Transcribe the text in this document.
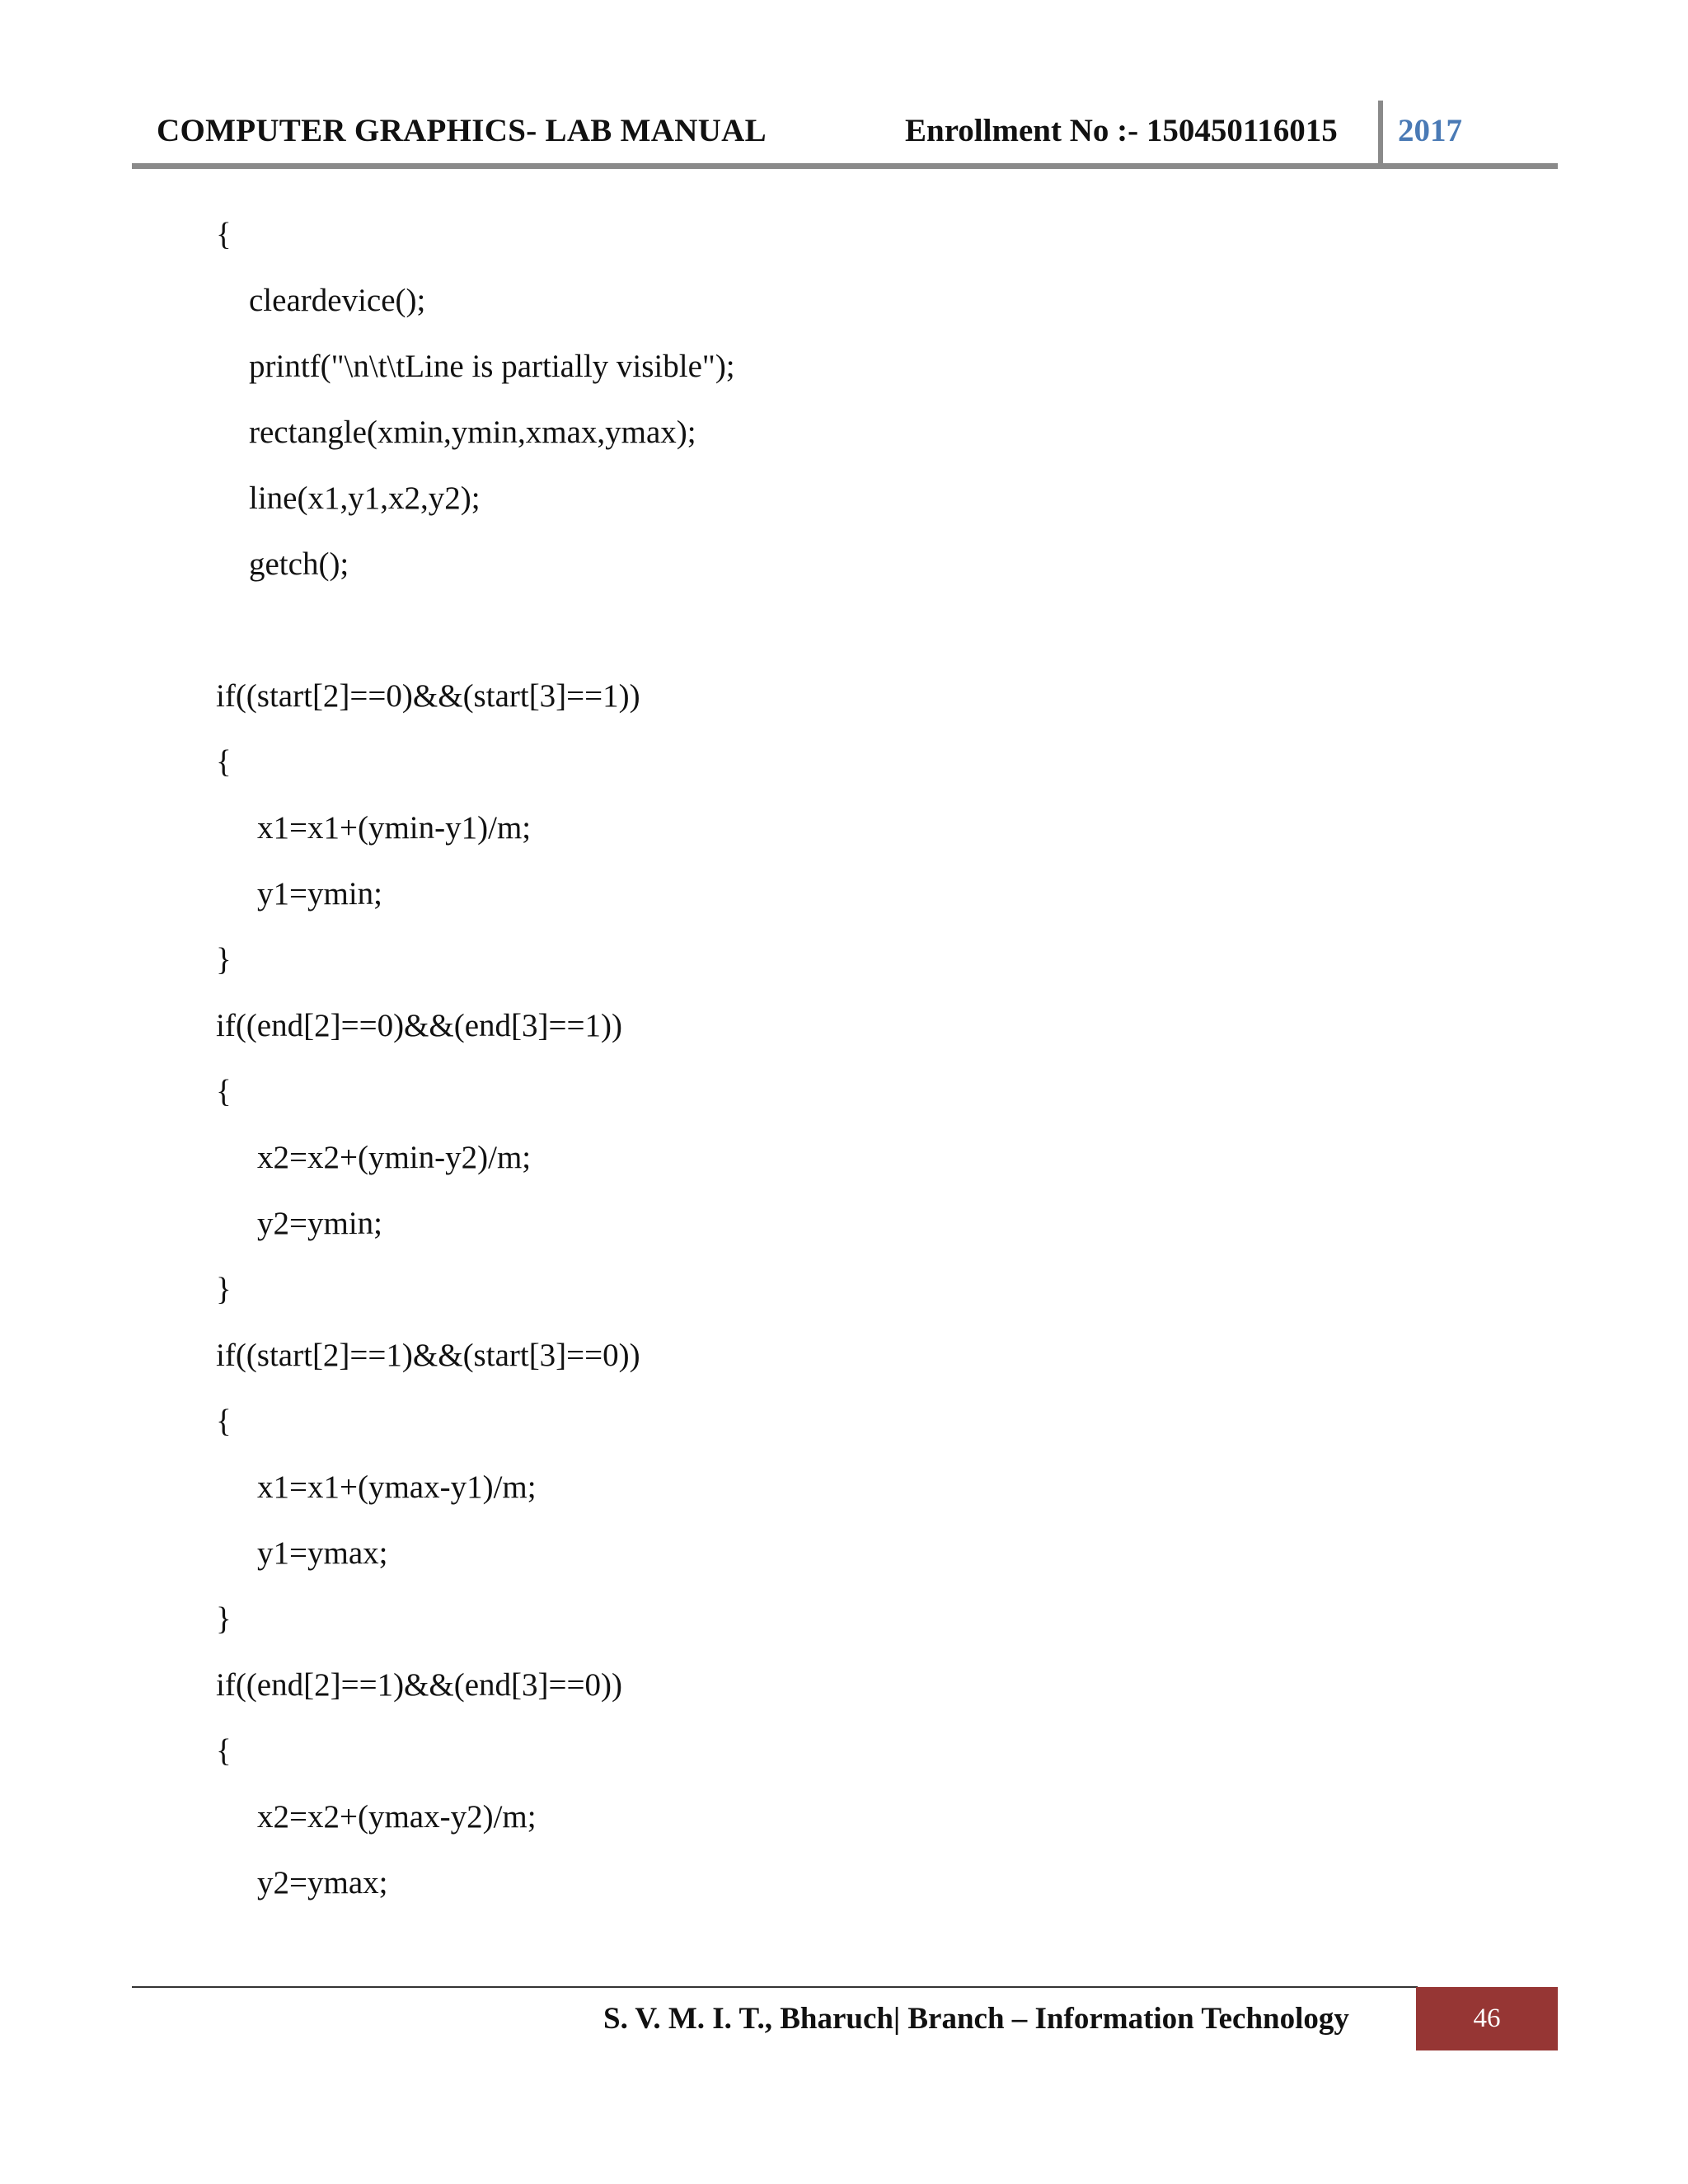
COMPUTER GRAPHICS- LAB MANUAL	Enrollment No :- 150450116015 2017
{
cleardevice();
printf("\n\t\tLine is partially visible");
rectangle(xmin,ymin,xmax,ymax);
line(x1,y1,x2,y2);
getch();
if((start[2]==0)&&(start[3]==1))
{
x1=x1+(ymin-y1)/m;
y1=ymin;
}
if((end[2]==0)&&(end[3]==1))
{
x2=x2+(ymin-y2)/m;
y2=ymin;
}
if((start[2]==1)&&(start[3]==0))
{
x1=x1+(ymax-y1)/m;
y1=ymax;
}
if((end[2]==1)&&(end[3]==0))
{
x2=x2+(ymax-y2)/m;
y2=ymax;
S. V. M. I. T., Bharuch| Branch – Information Technology	46
